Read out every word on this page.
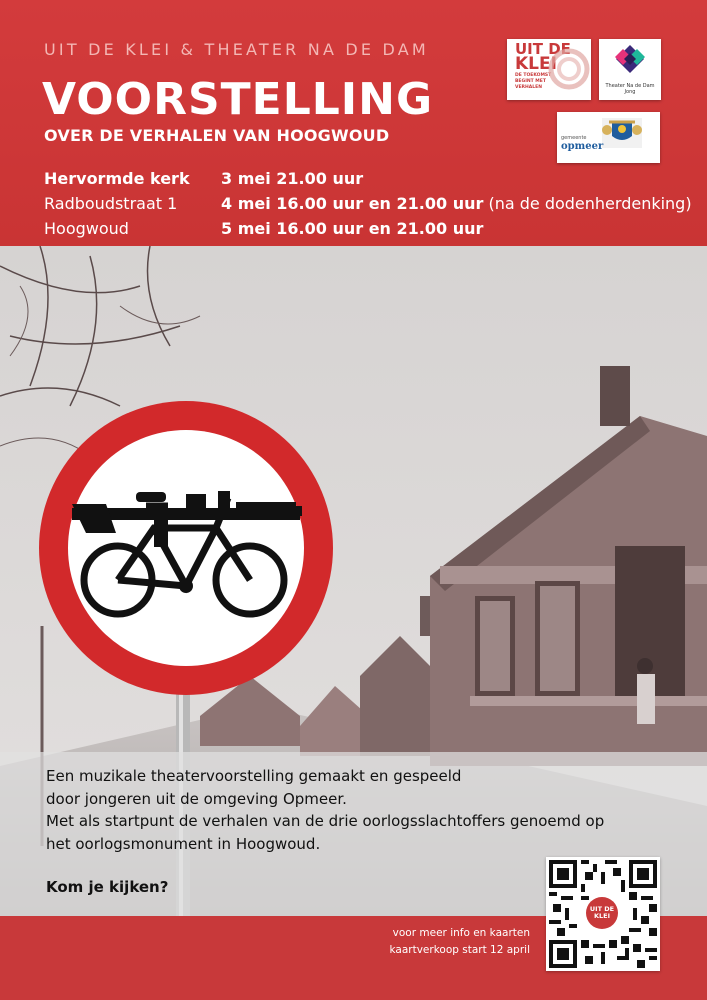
UIT DE KLEI & THEATER NA DE DAM
VOORSTELLING
OVER DE VERHALEN VAN HOOGWOUD
Hervormde kerk
Radboudstraat 1
Hoogwoud
3 mei 21.00 uur
4 mei 16.00 uur en 21.00 uur (na de dodenherdenking)
5 mei 16.00 uur en 21.00 uur
UIT DE
KLEI
DE TOEKOMST BEGINT MET VERHALEN	Theater Na de Dam
Jong
gemeente
opmeer
Een muzikale theatervoorstelling gemaakt en gespeeld
door jongeren uit de omgeving Opmeer.
Met als startpunt de verhalen van de drie oorlogsslachtoffers genoemd op
het oorlogsmonument in Hoogwoud.
Kom je kijken?
voor meer info en kaarten
kaartverkoop start 12 april
UIT DE
KLEI
